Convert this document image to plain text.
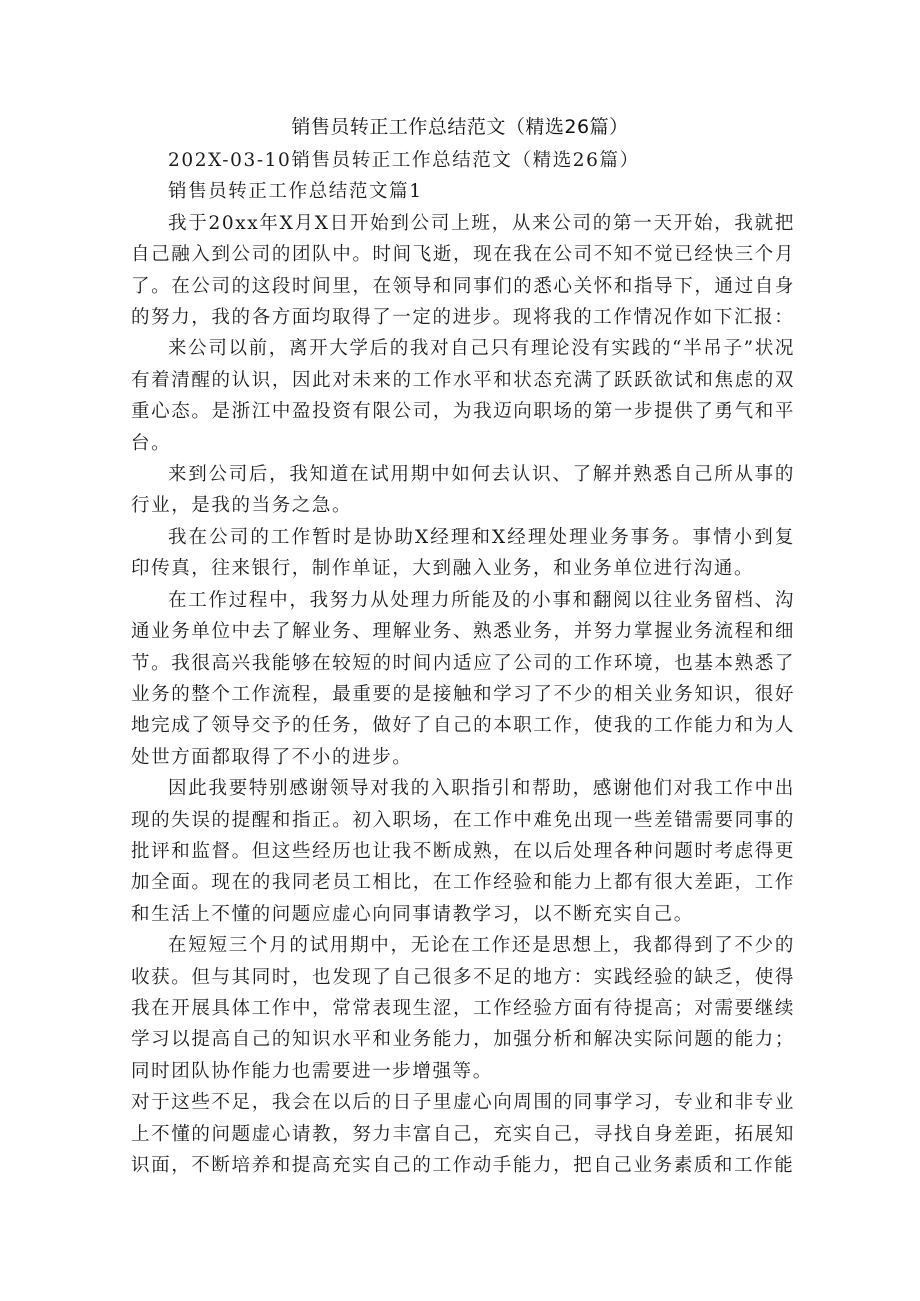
销售员转正工作总结范文（精选26篇）

202X-03-10销售员转正工作总结范文（精选26篇）

销售员转正工作总结范文篇1

我于20xx年X月X日开始到公司上班，从来公司的第一天开始，我就把自己融入到公司的团队中。时间飞逝，现在我在公司不知不觉已经快三个月了。在公司的这段时间里，在领导和同事们的悉心关怀和指导下，通过自身的努力，我的各方面均取得了一定的进步。现将我的工作情况作如下汇报：

来公司以前，离开大学后的我对自己只有理论没有实践的“半吊子”状况有着清醒的认识，因此对未来的工作水平和状态充满了跃跃欲试和焦虑的双重心态。是浙江中盈投资有限公司，为我迈向职场的第一步提供了勇气和平台。

来到公司后，我知道在试用期中如何去认识、了解并熟悉自己所从事的行业，是我的当务之急。

我在公司的工作暂时是协助X经理和X经理处理业务事务。事情小到复印传真，往来银行，制作单证，大到融入业务，和业务单位进行沟通。

在工作过程中，我努力从处理力所能及的小事和翻阅以往业务留档、沟通业务单位中去了解业务、理解业务、熟悉业务，并努力掌握业务流程和细节。我很高兴我能够在较短的时间内适应了公司的工作环境，也基本熟悉了业务的整个工作流程，最重要的是接触和学习了不少的相关业务知识，很好地完成了领导交予的任务，做好了自己的本职工作，使我的工作能力和为人处世方面都取得了不小的进步。

因此我要特别感谢领导对我的入职指引和帮助，感谢他们对我工作中出现的失误的提醒和指正。初入职场，在工作中难免出现一些差错需要同事的批评和监督。但这些经历也让我不断成熟，在以后处理各种问题时考虑得更加全面。现在的我同老员工相比，在工作经验和能力上都有很大差距，工作和生活上不懂的问题应虚心向同事请教学习，以不断充实自己。

在短短三个月的试用期中，无论在工作还是思想上，我都得到了不少的收获。但与其同时，也发现了自己很多不足的地方：实践经验的缺乏，使得我在开展具体工作中，常常表现生涩，工作经验方面有待提高；对需要继续学习以提高自己的知识水平和业务能力，加强分析和解决实际问题的能力；同时团队协作能力也需要进一步增强等。

对于这些不足，我会在以后的日子里虚心向周围的同事学习，专业和非专业上不懂的问题虚心请教，努力丰富自己，充实自己，寻找自身差距，拓展知识面，不断培养和提高充实自己的工作动手能力，把自己业务素质和工作能
